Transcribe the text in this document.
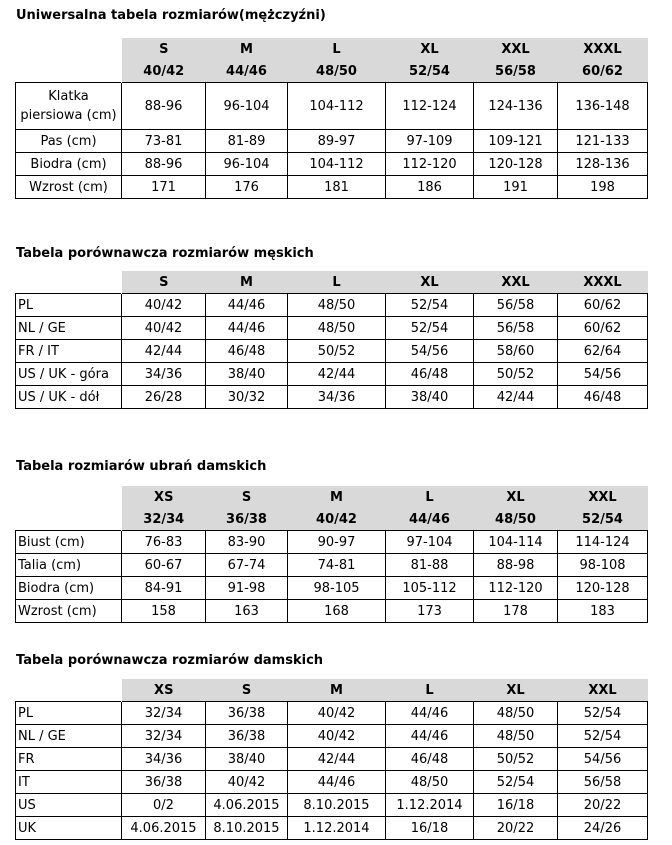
Uniwersalna tabela rozmiarów(mężczyźni)
	S	M	L	XL	XXL	XXXL
	40/42	44/46	48/50	52/54	56/58	60/62
Klatka piersiowa (cm)	88-96	96-104	104-112	112-124	124-136	136-148
Pas (cm)	73-81	81-89	89-97	97-109	109-121	121-133
Biodra (cm)	88-96	96-104	104-112	112-120	120-128	128-136
Wzrost (cm)	171	176	181	186	191	198
Tabela porównawcza rozmiarów męskich
	S	M	L	XL	XXL	XXXL
PL	40/42	44/46	48/50	52/54	56/58	60/62
NL / GE	40/42	44/46	48/50	52/54	56/58	60/62
FR / IT	42/44	46/48	50/52	54/56	58/60	62/64
US / UK - góra	34/36	38/40	42/44	46/48	50/52	54/56
US / UK - dół	26/28	30/32	34/36	38/40	42/44	46/48
Tabela rozmiarów ubrań damskich
	XS	S	M	L	XL	XXL
	32/34	36/38	40/42	44/46	48/50	52/54
Biust (cm)	76-83	83-90	90-97	97-104	104-114	114-124
Talia (cm)	60-67	67-74	74-81	81-88	88-98	98-108
Biodra (cm)	84-91	91-98	98-105	105-112	112-120	120-128
Wzrost (cm)	158	163	168	173	178	183
Tabela porównawcza rozmiarów damskich
	XS	S	M	L	XL	XXL
PL	32/34	36/38	40/42	44/46	48/50	52/54
NL / GE	32/34	36/38	40/42	44/46	48/50	52/54
FR	34/36	38/40	42/44	46/48	50/52	54/56
IT	36/38	40/42	44/46	48/50	52/54	56/58
US	0/2	4.06.2015	8.10.2015	1.12.2014	16/18	20/22
UK	4.06.2015	8.10.2015	1.12.2014	16/18	20/22	24/26
